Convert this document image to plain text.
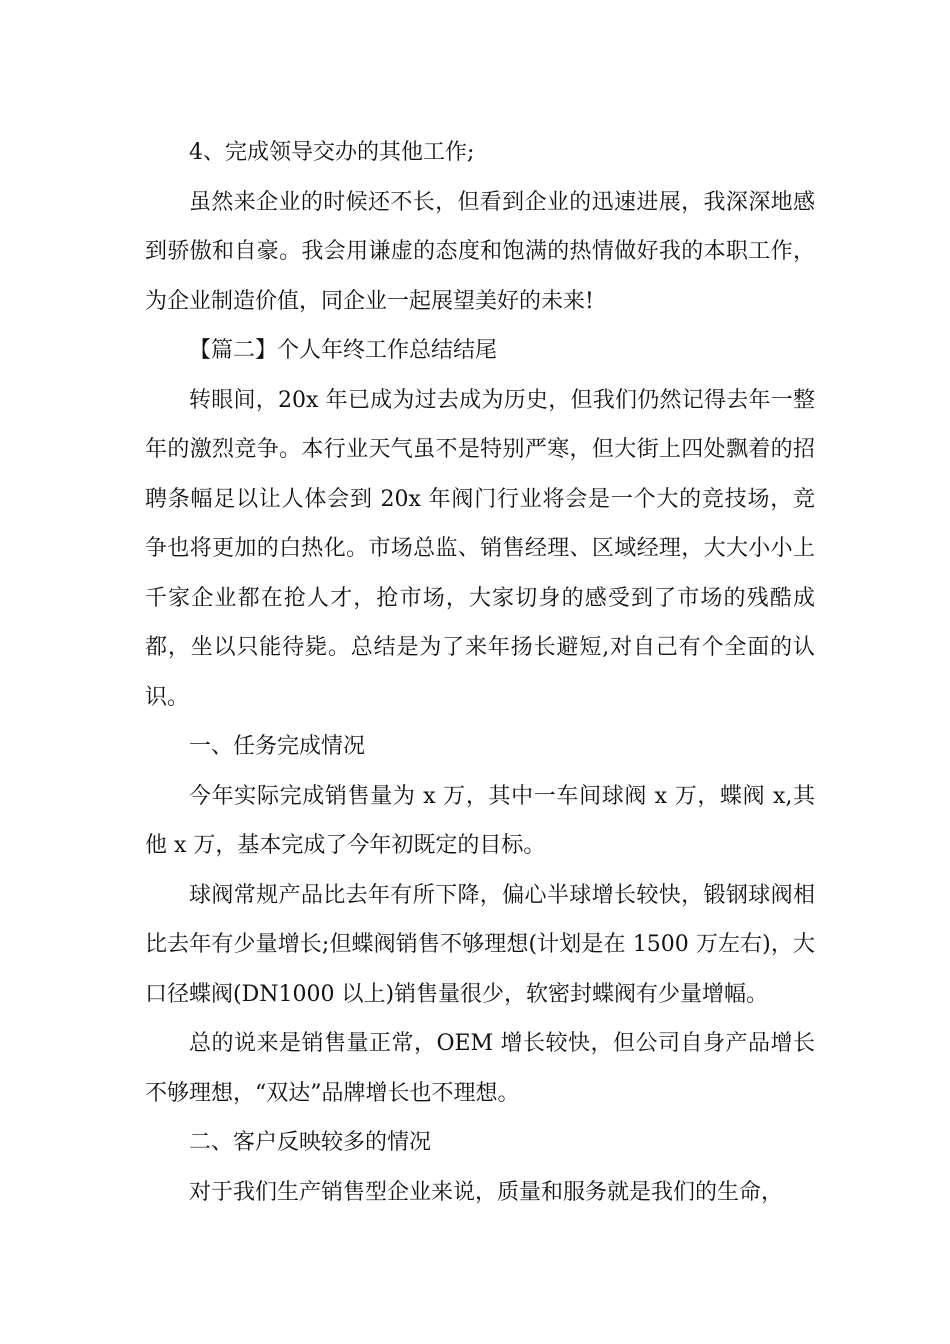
4、完成领导交办的其他工作;

虽然来企业的时候还不长，但看到企业的迅速进展，我深深地感到骄傲和自豪。我会用谦虚的态度和饱满的热情做好我的本职工作，为企业制造价值，同企业一起展望美好的未来!

【篇二】个人年终工作总结结尾

转眼间，20x 年已成为过去成为历史，但我们仍然记得去年一整年的激烈竞争。本行业天气虽不是特别严寒，但大街上四处飘着的招聘条幅足以让人体会到 20x 年阀门行业将会是一个大的竞技场，竞争也将更加的白热化。市场总监、销售经理、区域经理，大大小小上千家企业都在抢人才，抢市场，大家切身的感受到了市场的残酷成都，坐以只能待毙。总结是为了来年扬长避短,对自己有个全面的认识。

一、任务完成情况

今年实际完成销售量为 x 万，其中一车间球阀 x 万，蝶阀 x,其他 x 万，基本完成了今年初既定的目标。

球阀常规产品比去年有所下降，偏心半球增长较快，锻钢球阀相比去年有少量增长;但蝶阀销售不够理想(计划是在 1500 万左右)，大口径蝶阀(DN1000 以上)销售量很少，软密封蝶阀有少量增幅。

总的说来是销售量正常，OEM 增长较快，但公司自身产品增长不够理想，“双达”品牌增长也不理想。

二、客户反映较多的情况

对于我们生产销售型企业来说，质量和服务就是我们的生命，
